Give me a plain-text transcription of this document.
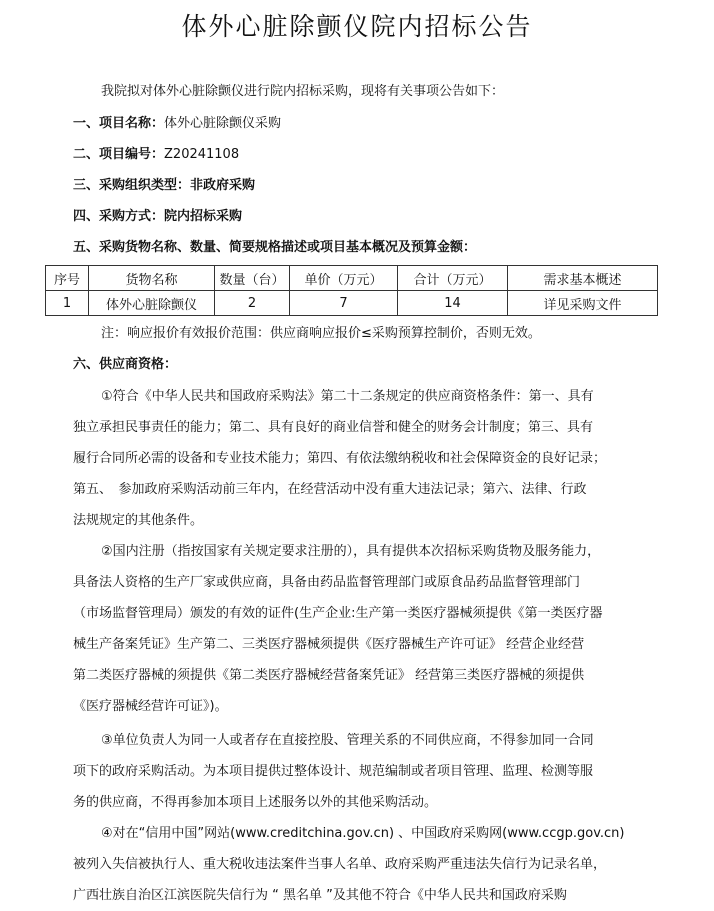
体外心脏除颤仪院内招标公告
我院拟对体外心脏除颤仪进行院内招标采购，现将有关事项公告如下：
一、项目名称：体外心脏除颤仪采购
二、项目编号：Z20241108
三、采购组织类型：非政府采购
四、采购方式：院内招标采购
五、采购货物名称、数量、简要规格描述或项目基本概况及预算金额：
序号	货物名称	数量（台）	单价（万元）	合计（万元）	需求基本概述
1	体外心脏除颤仪	2	7	14	详见采购文件
注：响应报价有效报价范围：供应商响应报价≤采购预算控制价，否则无效。
六、供应商资格：
①符合《中华人民共和国政府采购法》第二十二条规定的供应商资格条件：第一、具有
独立承担民事责任的能力；第二、具有良好的商业信誉和健全的财务会计制度；第三、具有
履行合同所必需的设备和专业技术能力；第四、有依法缴纳税收和社会保障资金的良好记录；
第五、　参加政府采购活动前三年内，在经营活动中没有重大违法记录；第六、法律、行政
法规规定的其他条件。
②国内注册（指按国家有关规定要求注册的），具有提供本次招标采购货物及服务能力，
具备法人资格的生产厂家或供应商，具备由药品监督管理部门或原食品药品监督管理部门
（市场监督管理局）颁发的有效的证件(生产企业:生产第一类医疗器械须提供《第一类医疗器
械生产备案凭证》生产第二、三类医疗器械须提供《医疗器械生产许可证》 经营企业经营
第二类医疗器械的须提供《第二类医疗器械经营备案凭证》 经营第三类医疗器械的须提供
《医疗器械经营许可证》)。
③单位负责人为同一人或者存在直接控股、管理关系的不同供应商，不得参加同一合同
项下的政府采购活动。为本项目提供过整体设计、规范编制或者项目管理、监理、检测等服
务的供应商，不得再参加本项目上述服务以外的其他采购活动。
④对在“信用中国”网站(www.creditchina.gov.cn) 、中国政府采购网(www.ccgp.gov.cn)
被列入失信被执行人、重大税收违法案件当事人名单、政府采购严重违法失信行为记录名单，
广西壮族自治区江滨医院失信行为 “ 黑名单 ”及其他不符合《中华人民共和国政府采购
